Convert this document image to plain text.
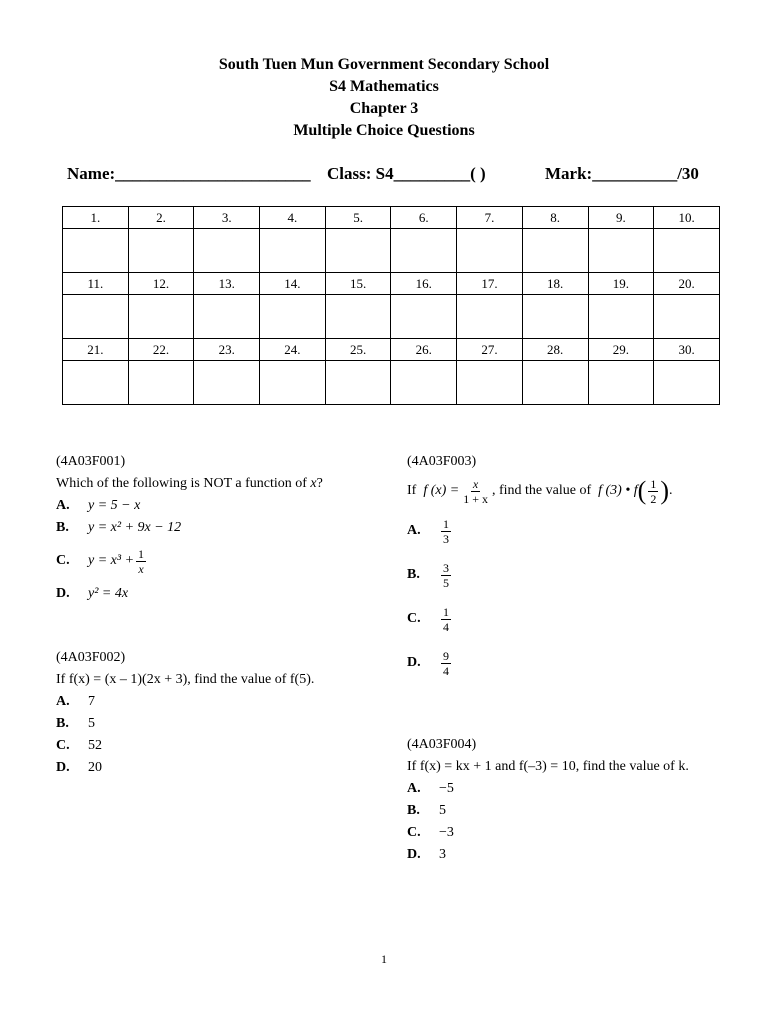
South Tuen Mun Government Secondary School
S4 Mathematics
Chapter 3
Multiple Choice Questions
Name:_______________________ Class: S4_________( )	Mark:__________/30
1.	2.	3.	4.	5.	6.	7.	8.	9.	10.

11.	12.	13.	14.	15.	16.	17.	18.	19.	20.

21.	22.	23.	24.	25.	26.	27.	28.	29.	30.

(4A03F001)
Which of the following is NOT a function of x?
A.	y = 5 − x
B.	y = x² + 9x − 12
C.	$y = x^3 + \frac{1}{x}$
D.	y² = 4x
(4A03F002)
If f(x) = (x – 1)(2x + 3), find the value of f(5).
A.	7
B.	5
C.	52
D.	20
(4A03F003)
If
f $(x) = \frac{x}{1 + x}$ , find the value of
f (3) • f ( $\frac{1}{2}$ ) .
A.	$\frac{1}{3}$
B.	$\frac{3}{5}$
C.	$\frac{1}{4}$
D.	$\frac{9}{4}$
(4A03F004)
If f(x) = kx + 1 and f(–3) = 10, find the value of k.
A.	−5
B.	5
C.	−3
D.	3
1
